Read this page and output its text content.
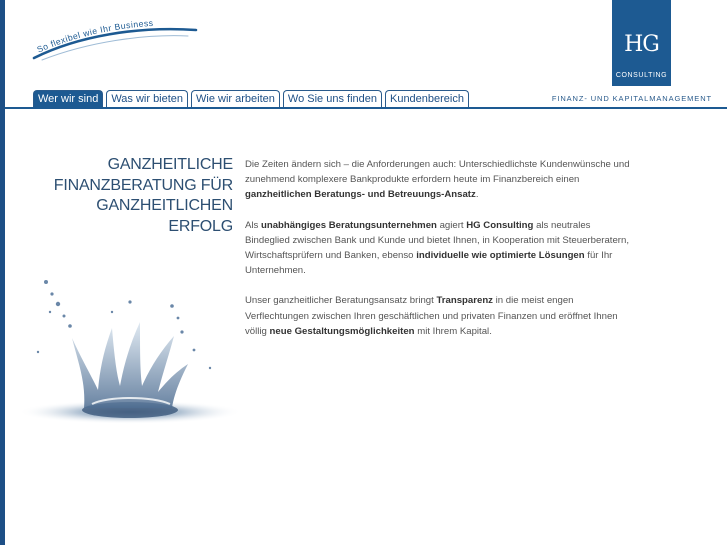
So flexibel wie Ihr Business
HG
CONSULTING
FINANZ- UND KAPITALMANAGEMENT
Wer wir sind	Was wir bieten	Wie wir arbeiten	Wo Sie uns finden	Kundenbereich
GANZHEITLICHE
FINANZBERATUNG FÜR
GANZHEITLICHEN
ERFOLG

Die Zeiten ändern sich – die Anforderungen auch: Unterschiedlichste Kundenwünsche und zunehmend komplexere Bankprodukte erfordern heute im Finanzbereich einen ganzheitlichen Beratungs- und Betreuungs-Ansatz.

Als unabhängiges Beratungsunternehmen agiert HG Consulting als neutrales Bindeglied zwischen Bank und Kunde und bietet Ihnen, in Kooperation mit Steuerberatern, Wirtschaftsprüfern und Banken, ebenso individuelle wie optimierte Lösungen für Ihr Unternehmen.

Unser ganzheitlicher Beratungsansatz bringt Transparenz in die meist engen Verflechtungen zwischen Ihren geschäftlichen und privaten Finanzen und eröffnet Ihnen völlig neue Gestaltungsmöglichkeiten mit Ihrem Kapital.
